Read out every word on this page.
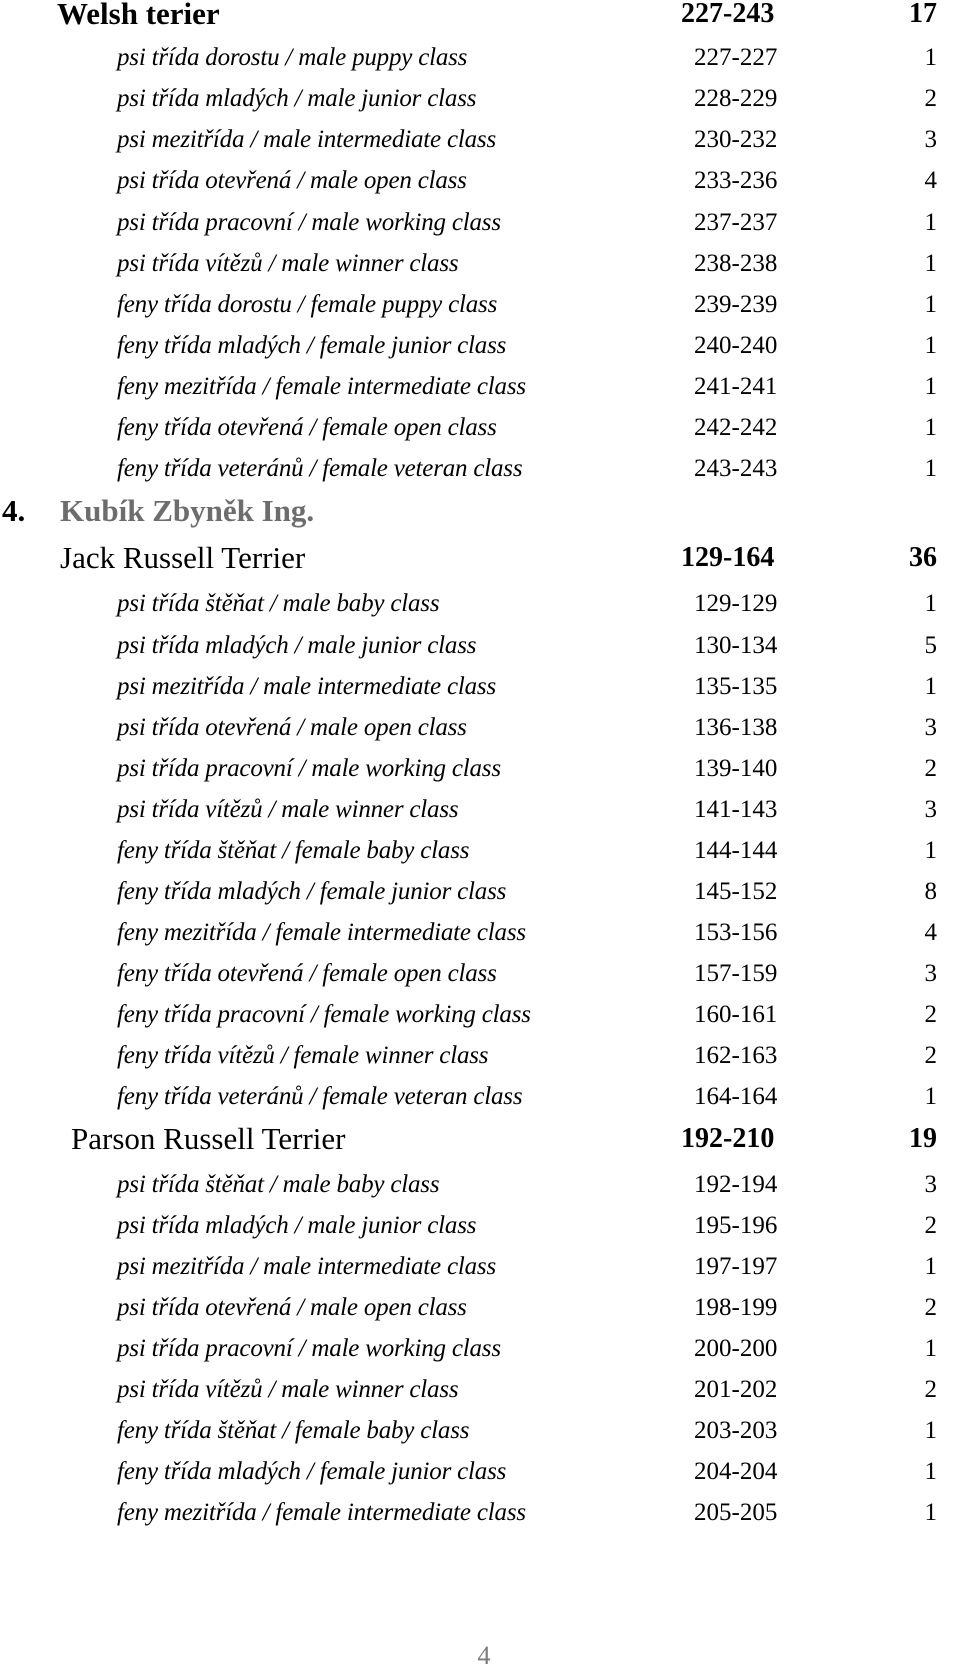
Welsh terier	227-243	17
psi třída dorostu / male puppy class	227-227	1
psi třída mladých / male junior class	228-229	2
psi mezitřída / male intermediate class	230-232	3
psi třída otevřená / male open class	233-236	4
psi třída pracovní / male working class	237-237	1
psi třída vítězů / male winner class	238-238	1
feny třída dorostu / female puppy class	239-239	1
feny třída mladých / female junior class	240-240	1
feny mezitřída / female intermediate class	241-241	1
feny třída otevřená / female open class	242-242	1
feny třída veteránů / female veteran class	243-243	1
4. Kubík Zbyněk Ing.
Jack Russell Terrier	129-164	36
psi třída štěňat / male baby class	129-129	1
psi třída mladých / male junior class	130-134	5
psi mezitřída / male intermediate class	135-135	1
psi třída otevřená / male open class	136-138	3
psi třída pracovní / male working class	139-140	2
psi třída vítězů / male winner class	141-143	3
feny třída štěňat / female baby class	144-144	1
feny třída mladých / female junior class	145-152	8
feny mezitřída / female intermediate class	153-156	4
feny třída otevřená / female open class	157-159	3
feny třída pracovní / female working class	160-161	2
feny třída vítězů / female winner class	162-163	2
feny třída veteránů / female veteran class	164-164	1
Parson Russell Terrier	192-210	19
psi třída štěňat / male baby class	192-194	3
psi třída mladých / male junior class	195-196	2
psi mezitřída / male intermediate class	197-197	1
psi třída otevřená / male open class	198-199	2
psi třída pracovní / male working class	200-200	1
psi třída vítězů / male winner class	201-202	2
feny třída štěňat / female baby class	203-203	1
feny třída mladých / female junior class	204-204	1
feny mezitřída / female intermediate class	205-205	1
4
